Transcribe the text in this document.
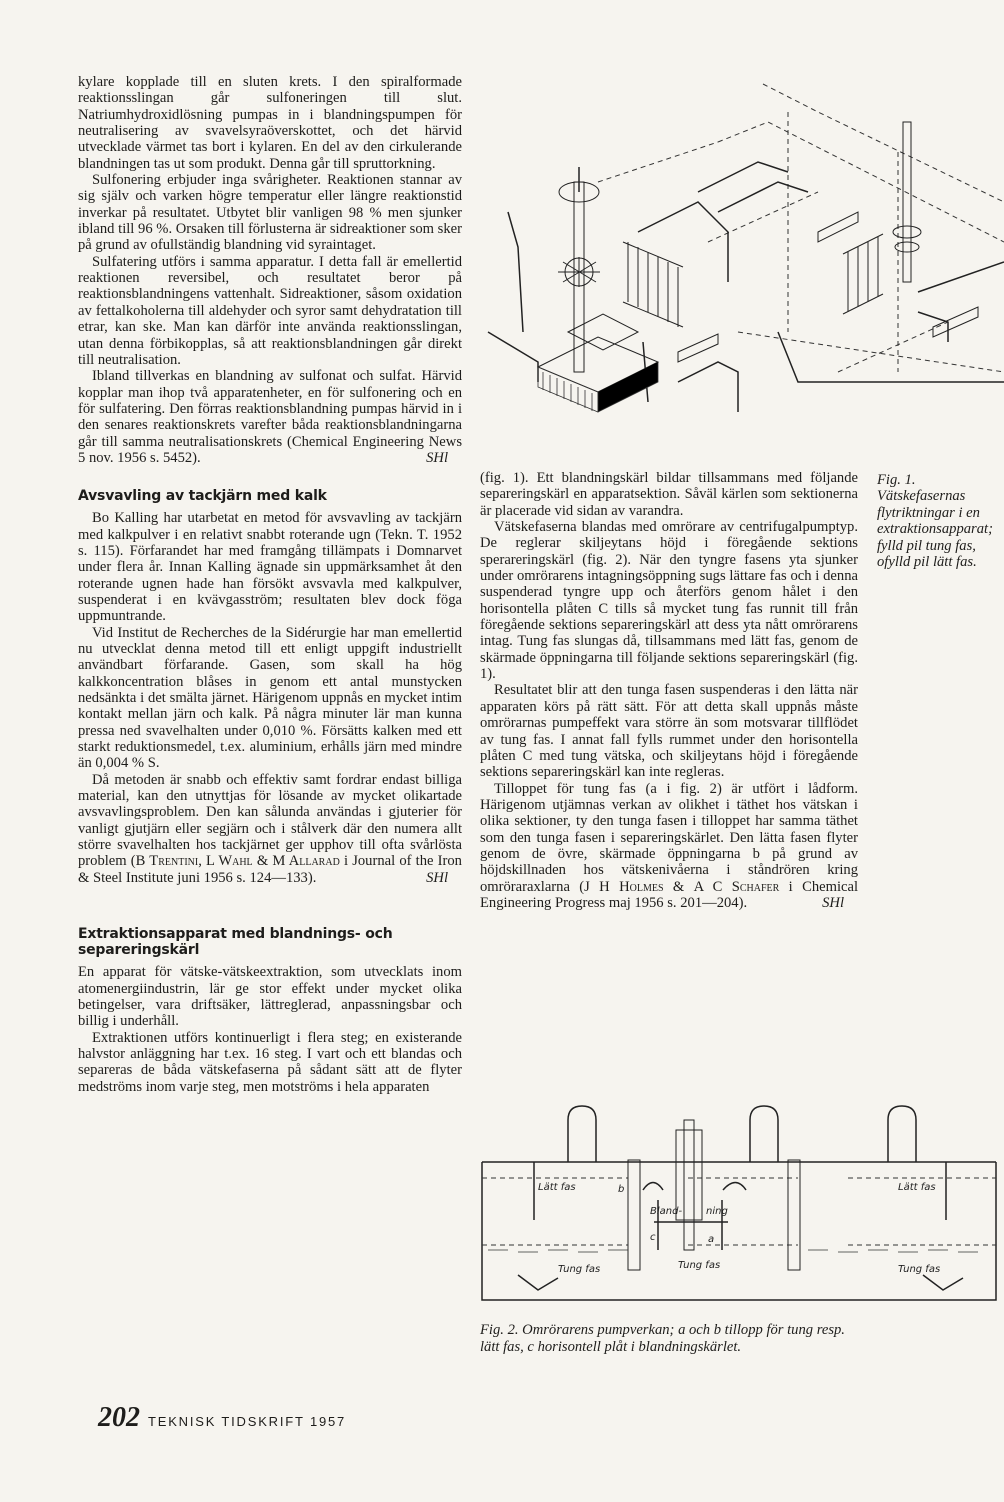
kylare kopplade till en sluten krets. I den spiralformade reaktionsslingan går sulfoneringen till slut. Natriumhydroxidlösning pumpas in i blandningspumpen för neutralisering av svavelsyraöverskottet, och det härvid utvecklade värmet tas bort i kylaren. En del av den cirkulerande blandningen tas ut som produkt. Denna går till spruttorkning.

Sulfonering erbjuder inga svårigheter. Reaktionen stannar av sig själv och varken högre temperatur eller längre reaktionstid inverkar på resultatet. Utbytet blir vanligen 98 % men sjunker ibland till 96 %. Orsaken till förlusterna är sidreaktioner som sker på grund av ofullständig blandning vid syraintaget.

Sulfatering utförs i samma apparatur. I detta fall är emellertid reaktionen reversibel, och resultatet beror på reaktionsblandningens vattenhalt. Sidreaktioner, såsom oxidation av fettalkoholerna till aldehyder och syror samt dehydratation till etrar, kan ske. Man kan därför inte använda reaktionsslingan, utan denna förbikopplas, så att reaktionsblandningen går direkt till neutralisation.

Ibland tillverkas en blandning av sulfonat och sulfat. Härvid kopplar man ihop två apparatenheter, en för sulfonering och en för sulfatering. Den förras reaktionsblandning pumpas härvid in i den senares reaktionskrets varefter båda reaktionsblandningarna går till samma neutralisationskrets (Chemical Engineering News 5 nov. 1956 s. 5452).	SHl

Avsvavling av tackjärn med kalk

Bo Kalling har utarbetat en metod för avsvavling av tackjärn med kalkpulver i en relativt snabbt roterande ugn (Tekn. T. 1952 s. 115). Förfarandet har med framgång tillämpats i Domnarvet under flera år. Innan Kalling ägnade sin uppmärksamhet åt den roterande ugnen hade han försökt avsvavla med kalkpulver, suspenderat i en kvävgasström; resultaten blev dock föga uppmuntrande.

Vid Institut de Recherches de la Sidérurgie har man emellertid nu utvecklat denna metod till ett enligt uppgift industriellt användbart förfarande. Gasen, som skall ha hög kalkkoncentration blåses in genom ett antal munstycken nedsänkta i det smälta järnet. Härigenom uppnås en mycket intim kontakt mellan järn och kalk. På några minuter lär man kunna pressa ned svavelhalten under 0,010 %. Försätts kalken med ett starkt reduktionsmedel, t.ex. aluminium, erhålls järn med mindre än 0,004 % S.

Då metoden är snabb och effektiv samt fordrar endast billiga material, kan den utnyttjas för lösande av mycket olikartade avsvavlingsproblem. Den kan sålunda användas i gjuterier för vanligt gjutjärn eller segjärn och i stålverk där den numera allt större svavelhalten hos tackjärnet ger upphov till ofta svårlösta problem (B Trentini, L Wahl & M Allarad i Journal of the Iron & Steel Institute juni 1956 s. 124—133).	SHl

Extraktionsapparat med blandnings- och separeringskärl

En apparat för vätske-vätskeextraktion, som utvecklats inom atomenergiindustrin, lär ge stor effekt under mycket olika betingelser, vara driftsäker, lättreglerad, anpassningsbar och billig i underhåll.

Extraktionen utförs kontinuerligt i flera steg; en existerande halvstor anläggning har t.ex. 16 steg. I vart och ett blandas och separeras de båda vätskefaserna på sådant sätt att de flyter medströms inom varje steg, men motströms i hela apparaten

Fig. 1. Vätskefasernas flytriktningar i en extraktionsapparat; fylld pil tung fas, ofylld pil lätt fas.

(fig. 1). Ett blandningskärl bildar tillsammans med följande separeringskärl en apparatsektion. Såväl kärlen som sektionerna är placerade vid sidan av varandra.

Vätskefaserna blandas med omrörare av centrifugalpumptyp. De reglerar skiljeytans höjd i föregående sektions sperareringskärl (fig. 2). När den tyngre fasens yta sjunker under omrörarens intagningsöppning sugs lättare fas och i denna suspenderad tyngre upp och återförs genom hålet i den horisontella plåten C tills så mycket tung fas runnit till från föregående sektions separeringskärl att dess yta nått omrörarens intag. Tung fas slungas då, tillsammans med lätt fas, genom de skärmade öppningarna till följande sektions separeringskärl (fig. 1).

Resultatet blir att den tunga fasen suspenderas i den lätta när apparaten körs på rätt sätt. För att detta skall uppnås måste omrörarnas pumpeffekt vara större än som motsvarar tillflödet av tung fas. I annat fall fylls rummet under den horisontella plåten C med tung vätska, och skiljeytans höjd i föregående sektions separeringskärl kan inte regleras.

Tilloppet för tung fas (a i fig. 2) är utfört i lådform. Härigenom utjämnas verkan av olikhet i täthet hos vätskan i olika sektioner, ty den tunga fasen i tilloppet har samma täthet som den tunga fasen i separeringskärlet. Den lätta fasen flyter genom de övre, skärmade öppningarna b på grund av höjdskillnaden hos vätskenivåerna i ståndrören kring omröraraxlarna (J H Holmes & A C Schafer i Chemical Engineering Progress maj 1956 s. 201—204).	SHl

Lätt fas	Lätt fas
Tung fas	Tung fas	Tung fas
Bland- ning
a
b
c
Fig. 2. Omrörarens pumpverkan; a och b tillopp för tung resp. lätt fas, c horisontell plåt i blandningskärlet.
202 TEKNISK TIDSKRIFT 1957
